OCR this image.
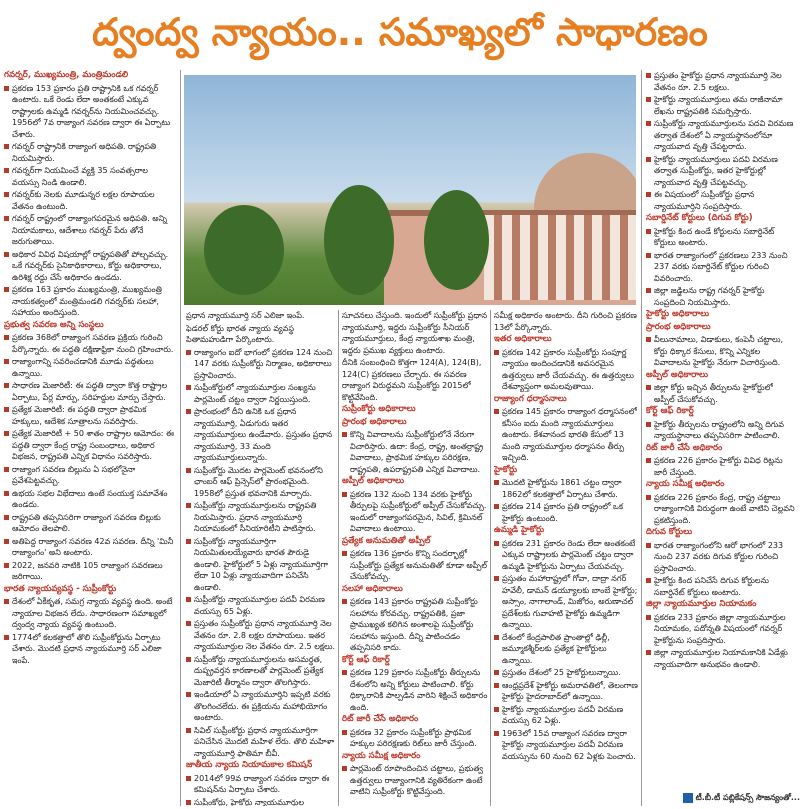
ద్వంద్వ న్యాయం.. సమాఖ్యలో సాధారణం

గవర్నర్, ముఖ్యమంత్రి, మంత్రిమండలి

ప్రకరణ 153 ప్రకారం ప్రతి రాష్ట్రానికి ఒక గవర్నర్ ఉంటారు. ఒకే రెండు లేదా అంతకంటే ఎక్కువ రాష్ట్రాలకు ఉమ్మడి గవర్నర్‌ను నియమించవచ్చు. 1956లో 7వ రాజ్యాంగ సవరణ ద్వారా ఈ ఏర్పాటు చేశారు.

గవర్నర్ రాష్ట్రానికి రాజ్యాంగ అధిపతి. రాష్ట్రపతి నియమిస్తారు.

గవర్నర్‌గా నియమించే వ్యక్తి 35 సంవత్సరాల వయస్సు నిండి ఉండాలి.

గవర్నర్‌కు నెలకు మూడున్నర లక్షల రూపాయల వేతనం ఉంటుంది.

గవర్నర్ రాష్ట్రంలో రాజ్యాంగపరమైన అధిపతి. అన్ని నియామకాలు, ఆదేశాలు గవర్నర్ పేరు తోనే జరుగుతాయి.

అధికార వివిధ విషయాల్లో రాష్ట్రపతితో పోల్చవచ్చు. ఒకే గవర్నర్‌కు సైనికాధికారాలు, కోర్టు అధికారాలు, ఉరిశిక్ష రద్దు చేసే అధికారం ఉండదు.

ప్రకరణ 163 ప్రకారం ముఖ్యమంత్రి, ముఖ్యమంత్రి నాయకత్వంలో మంత్రిమండలి గవర్నర్‌కు సలహా, సహాయం అందిస్తుంది.

ప్రభుత్వ సవరణ అన్ని సంస్థలు

ప్రకరణ 368లో రాజ్యాంగ సవరణ ప్రక్రియ గురించి పేర్కొన్నారు. ఈ పద్ధతి దక్షిణాఫ్రికా నుంచి గ్రహించారు.

రాజ్యాంగాన్ని సవరించడానికి మూడు పద్ధతులు ఉన్నాయి.

సాధారణ మెజారిటీ: ఈ పద్ధతి ద్వారా కొత్త రాష్ట్రాల ఏర్పాటు, పేర్ల మార్పు, సరిహద్దుల మార్పు చేస్తారు.

ప్రత్యేక మెజారిటీ: ఈ పద్ధతి ద్వారా ప్రాథమిక హక్కులు, ఆదేశిక సూత్రాలను సవరిస్తారు.

ప్రత్యేక మెజారిటీ + 50 శాతం రాష్ట్రాల ఆమోదం: ఈ పద్ధతి ద్వారా కేంద్ర రాష్ట్ర సంబంధాలు, అధికార విభజన, రాష్ట్రపతి ఎన్నిక విధానం సవరిస్తారు.

రాజ్యాంగ సవరణ బిల్లును ఏ సభలోనైనా ప్రవేశపెట్టవచ్చు.

ఉభయ సభల విభేదాలు ఉంటే సంయుక్త సమావేశం ఉండదు.

రాష్ట్రపతి తప్పనిసరిగా రాజ్యాంగ సవరణ బిల్లుకు ఆమోదం తెలపాలి.

అతిపెద్ద రాజ్యాంగ సవరణ 42వ సవరణ. దీన్ని 'మినీ రాజ్యాంగం' అని అంటారు.

2022, జనవరి నాటికి 105 రాజ్యాంగ సవరణలు జరిగాయి.

భారత న్యాయవ్యవస్థ - సుప్రీంకోర్టు

దేశంలో ఏకీకృత, సమగ్ర న్యాయ వ్యవస్థ ఉంది. అంటే న్యాయాల విభజన లేదు. సాధారణంగా సమాఖ్యలో ద్వంద్వ న్యాయ వ్యవస్థ ఉంటుంది.

1774లో కలకత్తాలో తొలి సుప్రీంకోర్టును ఏర్పాటు చేశారు. మొదటి ప్రధాన న్యాయమూర్తి సర్ ఎలిజా ఇంపే.

ప్రధాన న్యాయమూర్తి సర్ ఎలిజా ఇంపే.

ఫెడరల్ కోర్టు భారత న్యాయ వ్యవస్థ పితామహుడిగా పేర్కొంటారు.

రాజ్యాంగం ఐదో భాగంలో ప్రకరణ 124 నుంచి 147 వరకు సుప్రీంకోర్టు నిర్మాణం, అధికారాలు ప్రస్తావించారు.

సుప్రీంకోర్టులో న్యాయమూర్తుల సంఖ్యను పార్లమెంట్ చట్టం ద్వారా నిర్ణయిస్తుంది.

ప్రారంభంలో దీని ఉనికి ఒక ప్రధాన న్యాయమూర్తి, ఏడుగురు ఇతర న్యాయమూర్తులు ఉండేవారు. ప్రస్తుతం ప్రధాన న్యాయమూర్తి, 33 మంది న్యాయమూర్తులున్నారు.

సుప్రీంకోర్టు మొదట పార్లమెంట్ భవనంలోని ఛాంబర్ ఆఫ్ ప్రిన్సెస్‌లో ప్రారంభమైంది. 1958లో ప్రస్తుత భవనానికి మార్చారు.

సుప్రీంకోర్టు న్యాయమూర్తులను రాష్ట్రపతి నియమిస్తారు. ప్రధాన న్యాయమూర్తి నియామకంలో సీనియారిటీని పాటిస్తారు.

సుప్రీంకోర్టు న్యాయమూర్తిగా నియమితులయ్యేవారు భారత పౌరుడై ఉండాలి. హైకోర్టులో 5 ఏళ్లు న్యాయమూర్తిగా లేదా 10 ఏళ్లు న్యాయవాదిగా పనిచేసి ఉండాలి.

సుప్రీంకోర్టు న్యాయమూర్తుల పదవీ విరమణ వయస్సు 65 ఏళ్లు.

ప్రస్తుతం సుప్రీంకోర్టు ప్రధాన న్యాయమూర్తి నెల వేతనం రూ. 2.8 లక్షల రూపాయలు. ఇతర న్యాయమూర్తుల నెల వేతనం రూ. 2.5 లక్షలు.

సుప్రీంకోర్టు న్యాయమూర్తులను అసమర్థత, దుష్ప్రవర్తన కారణాలతో పార్లమెంట్ ప్రత్యేక మెజారిటీ తీర్మానం ద్వారా తొలగిస్తారు.

ఇండియాలో ఏ న్యాయమూర్తిని ఇప్పటి వరకు తొలగించలేదు. ఈ ప్రక్రియను మహాభియోగం అంటారు.

సివిల్ సుప్రీంకోర్టు ప్రధాన న్యాయమూర్తిగా పనిచేసిన మొదటి మహిళ లేరు. తొలి మహిళా న్యాయమూర్తి ఫాతిమా బీవీ.

జాతీయ న్యాయ నియామకాల కమిషన్

2014లో 99వ రాజ్యాంగ సవరణ ద్వారా ఈ కమిషన్‌ను ఏర్పాటు చేశారు.

సుప్రీంకోర్టు, హైకోర్టు న్యాయమూర్తుల

సూచనలు చేస్తుంది. ఇందులో సుప్రీంకోర్టు ప్రధాన న్యాయమూర్తి, ఇద్దరు సుప్రీంకోర్టు సీనియర్ న్యాయమూర్తులు, కేంద్ర న్యాయశాఖ మంత్రి, ఇద్దరు ప్రముఖ వ్యక్తులు ఉంటారు.

దీనికి సంబంధించి కొత్తగా 124(A), 124(B), 124(C) ప్రకరణలు చేర్చారు. ఈ సవరణ రాజ్యాంగ విరుద్ధమని సుప్రీంకోర్టు 2015లో కొట్టివేసింది.

సుప్రీంకోర్టు అధికారాలు

ప్రారంభ అధికారాలు

కొన్ని వివాదాలను సుప్రీంకోర్టులోనే నేరుగా విచారిస్తారు. ఉదా: కేంద్ర, రాష్ట్ర, అంతర్రాష్ట్ర వివాదాలు, ప్రాథమిక హక్కుల పరిరక్షణ, రాష్ట్రపతి, ఉపరాష్ట్రపతి ఎన్నిక వివాదాలు.

అప్పీల్ అధికారాలు

ప్రకరణ 132 నుంచి 134 వరకు హైకోర్టు తీర్పులపై సుప్రీంకోర్టులో అప్పీల్ చేసుకోవచ్చు. ఇందులో రాజ్యాంగపరమైన, సివిల్, క్రిమినల్ వివాదాలు ఉంటాయి.

ప్రత్యేక అనుమతితో అప్పీల్

ప్రకరణ 136 ప్రకారం కొన్ని సందర్భాల్లో సుప్రీంకోర్టు ప్రత్యేక అనుమతితో కూడా అప్పీల్ చేసుకోవచ్చు.

సలహా అధికారాలు

ప్రకరణ 143 ప్రకారం రాష్ట్రపతి సుప్రీంకోర్టు సలహాను కోరవచ్చు. రాష్ట్రపతికి, ప్రజా ప్రాముఖ్యత కలిగిన అంశాలపై సుప్రీంకోర్టు సలహాను ఇస్తుంది. దీన్ని పాటించడం తప్పనిసరి కాదు.

కోర్ట్ ఆఫ్ రికార్డ్

ప్రకరణ 129 ప్రకారం సుప్రీంకోర్టు తీర్పులను దేశంలోని అన్ని కోర్టులు పాటించాలి. కోర్టు ధిక్కారానికి పాల్పడిన వారిని శిక్షించే అధికారం ఉంది.

రిట్ జారీ చేసే అధికారం

ప్రకరణ 32 ప్రకారం సుప్రీంకోర్టు ప్రాథమిక హక్కుల పరిరక్షణకు రిట్‌లు జారీ చేస్తుంది.

న్యాయ సమీక్ష అధికారం

పార్లమెంట్ రూపొందించిన చట్టాలు, ప్రభుత్వ ఉత్తర్వులు రాజ్యాంగానికి వ్యతిరేకంగా ఉంటే వాటిని సుప్రీంకోర్టు కొట్టివేస్తుంది.

సమీక్ష అధికారం అంటారు. దీని గురించి ప్రకరణ 13లో పేర్కొన్నారు.

ఇతర అధికారాలు

ప్రకరణ 142 ప్రకారం సుప్రీంకోర్టు సంపూర్ణ న్యాయం అందించడానికి అవసరమైన ఉత్తర్వులు జారీ చేయవచ్చు. ఈ ఉత్తర్వులు దేశవ్యాప్తంగా అమలవుతాయి.

రాజ్యాంగ ధర్మాసనాలు

ప్రకరణ 145 ప్రకారం రాజ్యాంగ ధర్మాసనంలో కనీసం ఐదు మంది న్యాయమూర్తులు ఉంటారు. కేశవానంద భారతి కేసులో 13 మంది న్యాయమూర్తుల ధర్మాసనం తీర్పు ఇచ్చింది.

హైకోర్టు

మొదటి హైకోర్టును 1861 చట్టం ద్వారా 1862లో కలకత్తాలో ఏర్పాటు చేశారు.

ప్రకరణ 214 ప్రకారం ప్రతి రాష్ట్రంలో ఒక హైకోర్టు ఉంటుంది.

ఉమ్మడి హైకోర్టు

ప్రకరణ 231 ప్రకారం రెండు లేదా అంతకంటే ఎక్కువ రాష్ట్రాలకు పార్లమెంట్ చట్టం ద్వారా ఉమ్మడి హైకోర్టును ఏర్పాటు చేయవచ్చు.

ప్రస్తుతం మహారాష్ట్రలో గోవా, దాద్రా నగర్ హవేలీ, డామన్ డయ్యూలకు బాంబే హైకోర్టు; అస్సాం, నాగాలాండ్, మిజోరం, అరుణాచల్ ప్రదేశ్‌లకు గువాహటి హైకోర్టు ఉమ్మడిగా ఉన్నాయి.

దేశంలో కేంద్రపాలిత ప్రాంతాల్లో ఢిల్లీ, జమ్మూకశ్మీర్‌లకు ప్రత్యేక హైకోర్టులు ఉన్నాయి.

ప్రస్తుతం దేశంలో 25 హైకోర్టులున్నాయి.

ఆంధ్రప్రదేశ్ హైకోర్టు అమరావతిలో, తెలంగాణ హైకోర్టు హైదరాబాద్‌లో ఉన్నాయి.

హైకోర్టు న్యాయమూర్తుల పదవీ విరమణ వయస్సు 62 ఏళ్లు.

1963లో 15వ రాజ్యాంగ సవరణ ద్వారా హైకోర్టు న్యాయమూర్తుల పదవీ విరమణ వయస్సును 60 నుంచి 62 ఏళ్లకు పెంచారు.

ప్రస్తుతం హైకోర్టు ప్రధాన న్యాయమూర్తి నెల వేతనం రూ. 2.5 లక్షలు.

హైకోర్టు న్యాయమూర్తులు తమ రాజీనామా లేఖను రాష్ట్రపతికి సమర్పిస్తారు.

సుప్రీంకోర్టు న్యాయమూర్తులను పదవి విరమణ తర్వాత దేశంలో ఏ న్యాయస్థానంలోనూ న్యాయవాద వృత్తి చేపట్టరాదు.

హైకోర్టు న్యాయమూర్తులు పదవి విరమణ తర్వాత సుప్రీంకోర్టు, ఇతర హైకోర్టుల్లో న్యాయవాద వృత్తి చేపట్టవచ్చు.

ఈ విషయంలో సుప్రీంకోర్టు ప్రధాన న్యాయమూర్తిని సంప్రదిస్తారు.

సబార్డినేట్ కోర్టులు (దిగువ కోర్టు)

హైకోర్టు కింద ఉండే కోర్టులను సబార్డినేట్ కోర్టులు అంటారు.

భారత రాజ్యాంగంలో ప్రకరణలు 233 నుంచి 237 వరకు సబార్డినేట్ కోర్టుల గురించి వివరించారు.

జిల్లా జడ్జిలను రాష్ట్ర గవర్నర్ హైకోర్టు సంప్రదించి నియమిస్తారు.

హైకోర్టు అధికారాలు

ప్రారంభ అధికారాలు

వీలునామాలు, విడాకులు, కంపెనీ చట్టాలు, కోర్టు ధిక్కార కేసులు, కొన్ని ఎన్నికల వివాదాలను హైకోర్టు నేరుగా విచారిస్తుంది.

అప్పీల్ అధికారాలు

జిల్లా కోర్టు ఇచ్చిన తీర్పులను హైకోర్టులో అప్పీల్ చేసుకోవచ్చు.

కోర్ట్ ఆఫ్ రికార్డ్

హైకోర్టు తీర్పులను రాష్ట్రంలోని అన్ని దిగువ న్యాయస్థానాలు తప్పనిసరిగా పాటించాలి.

రిట్ జారీ చేసే అధికారం

ప్రకరణ 226 ప్రకారం హైకోర్టు వివిధ రిట్లను జారీ చేస్తుంది.

న్యాయ సమీక్ష అధికారం

ప్రకరణ 226 ప్రకారం కేంద్ర, రాష్ట్ర చట్టాలు రాజ్యాంగానికి విరుద్ధంగా ఉంటే వాటిని చెల్లవని ప్రకటిస్తుంది.

దిగువ కోర్టులు

భారత రాజ్యాంగంలోని ఆరో భాగంలో 233 నుంచి 237 వరకు దిగువ కోర్టుల గురించి ప్రస్తావించారు.

హైకోర్టు కింద పనిచేసే దిగువ కోర్టులను సబార్డినేట్ కోర్టులు అంటారు.

జిల్లా న్యాయమూర్తుల నియామకం

ప్రకరణ 233 ప్రకారం జిల్లా న్యాయమూర్తుల నియామకం, పదోన్నతి విషయంలో గవర్నర్ హైకోర్టును సంప్రదిస్తారు.

జిల్లా న్యాయమూర్తుల నియామకానికి ఏడేళ్లు న్యాయవాదిగా అనుభవం ఉండాలి.

టీ.బీ.టీ పబ్లికేషన్స్ సౌజన్యంతో...
